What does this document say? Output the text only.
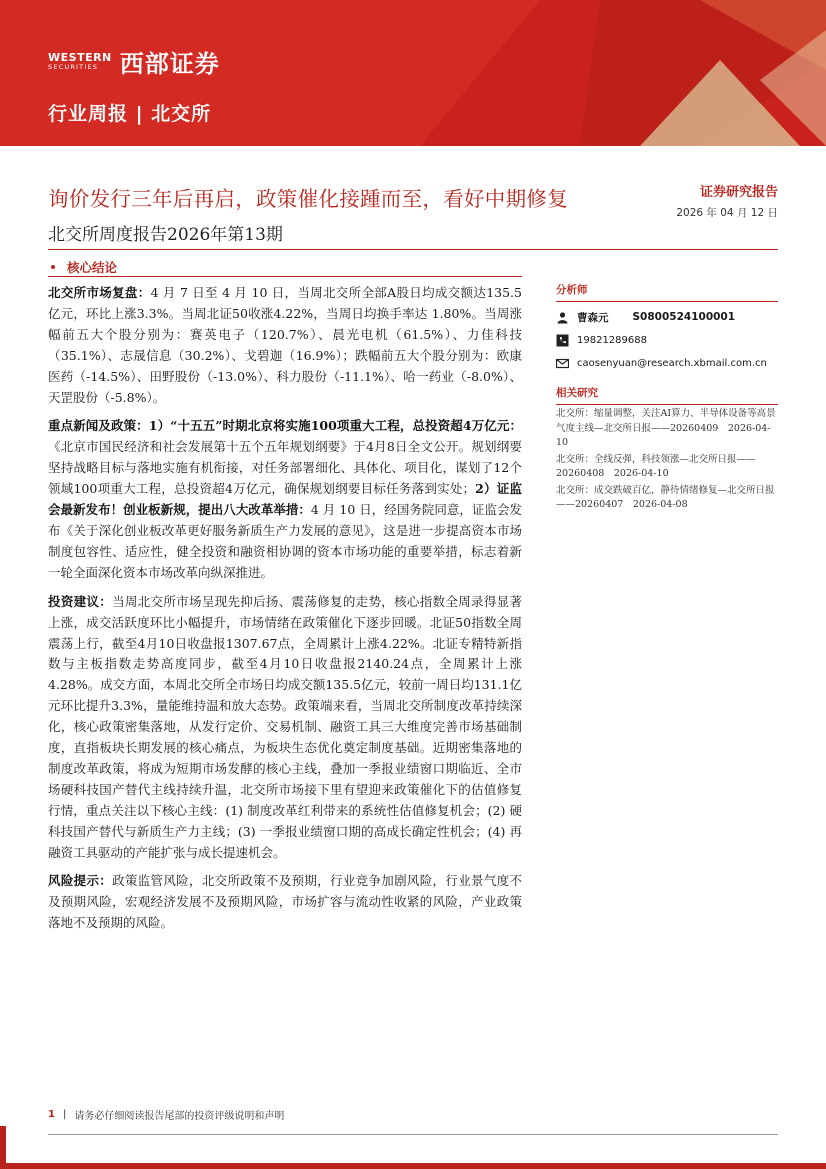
WESTERN
SECURITIES 西部证券
行业周报 | 北交所
询价发行三年后再启，政策催化接踵而至，看好中期修复
北交所周度报告2026年第13期
证券研究报告
2026 年 04 月 12 日
核心结论

北交所市场复盘：4 月 7 日至 4 月 10 日，当周北交所全部A股日均成交额达135.5亿元，环比上涨3.3%。当周北证50收涨4.22%，当周日均换手率达 1.80%。当周涨幅前五大个股分别为：赛英电子（120.7%）、晨光电机（61.5%）、力佳科技（35.1%）、志晟信息（30.2%）、戈碧迦（16.9%）；跌幅前五大个股分别为：欧康医药（-14.5%）、田野股份（-13.0%）、科力股份（-11.1%）、哈一药业（-8.0%）、天罡股份（-5.8%）。

重点新闻及政策：1）“十五五”时期北京将实施100项重大工程，总投资超4万亿元：《北京市国民经济和社会发展第十五个五年规划纲要》于4月8日全文公开。规划纲要坚持战略目标与落地实施有机衔接，对任务部署细化、具体化、项目化，谋划了12个领域100项重大工程，总投资超4万亿元，确保规划纲要目标任务落到实处；2）证监会最新发布！创业板新规，提出八大改革举措：4 月 10 日，经国务院同意，证监会发布《关于深化创业板改革更好服务新质生产力发展的意见》，这是进一步提高资本市场制度包容性、适应性，健全投资和融资相协调的资本市场功能的重要举措，标志着新一轮全面深化资本市场改革向纵深推进。

投资建议：当周北交所市场呈现先抑后扬、震荡修复的走势，核心指数全周录得显著上涨，成交活跃度环比小幅提升，市场情绪在政策催化下逐步回暖。北证50指数全周震荡上行，截至4月10日收盘报1307.67点，全周累计上涨4.22%。北证专精特新指数与主板指数走势高度同步，截至4月10日收盘报2140.24点，全周累计上涨4.28%。成交方面，本周北交所全市场日均成交额135.5亿元，较前一周日均131.1亿元环比提升3.3%，量能维持温和放大态势。政策端来看，当周北交所制度改革持续深化，核心政策密集落地，从发行定价、交易机制、融资工具三大维度完善市场基础制度，直指板块长期发展的核心痛点，为板块生态优化奠定制度基础。近期密集落地的制度改革政策，将成为短期市场发酵的核心主线，叠加一季报业绩窗口期临近、全市场硬科技国产替代主线持续升温，北交所市场接下里有望迎来政策催化下的估值修复行情，重点关注以下核心主线：(1) 制度改革红利带来的系统性估值修复机会；(2) 硬科技国产替代与新质生产力主线；(3) 一季报业绩窗口期的高成长确定性机会；(4) 再融资工具驱动的产能扩张与成长提速机会。

风险提示：政策监管风险，北交所政策不及预期，行业竞争加剧风险，行业景气度不及预期风险，宏观经济发展不及预期风险，市场扩容与流动性收紧的风险，产业政策落地不及预期的风险。

分析师
曹森元 S0800524100001
19821289688
caosenyuan@research.xbmail.com.cn
相关研究
北交所：缩量调整，关注AI算力、半导体设备等高景气度主线—北交所日报——20260409　2026-04-10
北交所：全线反弹，科技领涨—北交所日报——20260408　2026-04-10
北交所：成交跌破百亿，静待情绪修复—北交所日报——20260407　2026-04-08
1 | 请务必仔细阅读报告尾部的投资评级说明和声明
